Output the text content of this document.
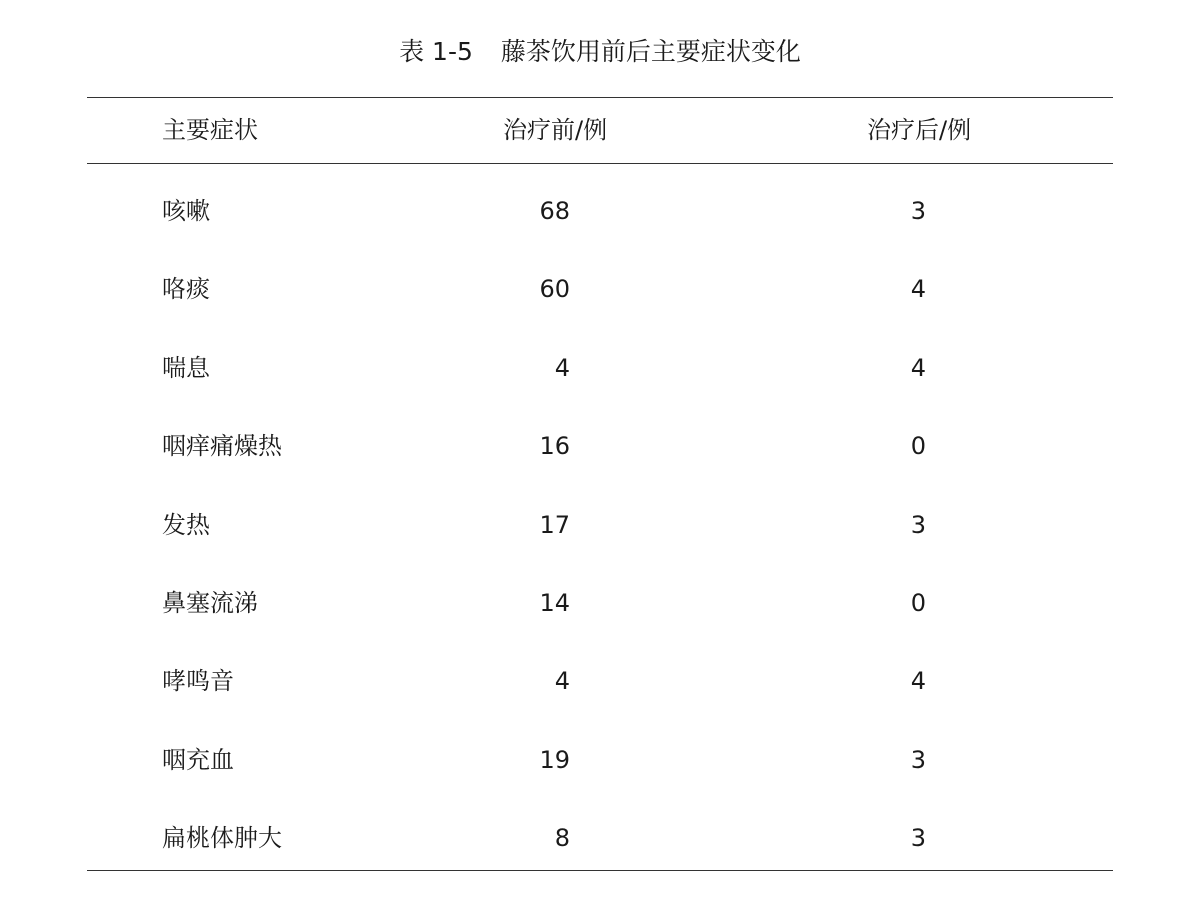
表 1-5 藤茶饮用前后主要症状变化
主要症状	治疗前/例	治疗后/例
咳嗽	68	3
咯痰	60	4
喘息	4	4
咽痒痛燥热	16	0
发热	17	3
鼻塞流涕	14	0
哮鸣音	4	4
咽充血	19	3
扁桃体肿大	8	3
